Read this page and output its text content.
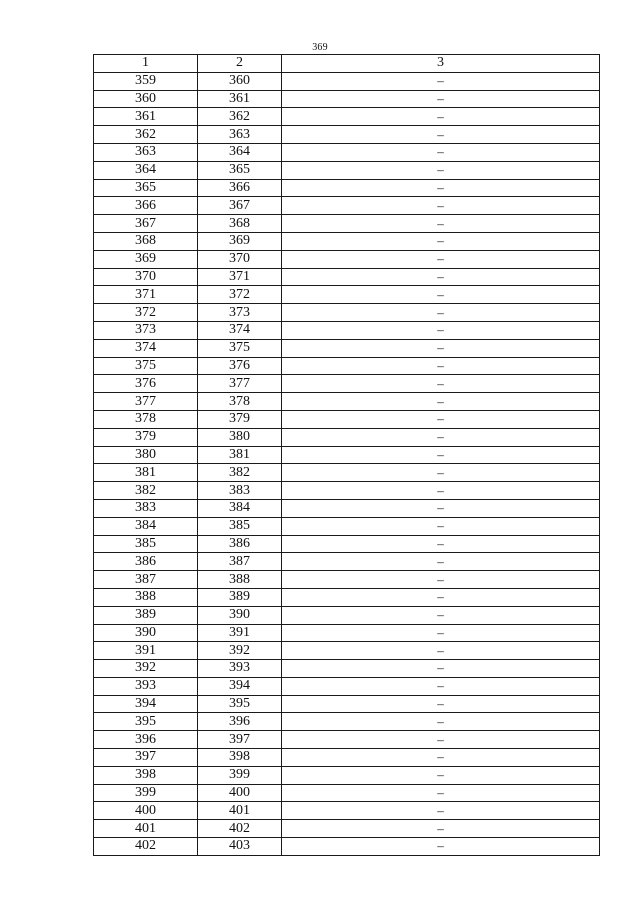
369
1	2	3
359	360	–
360	361	–
361	362	–
362	363	–
363	364	–
364	365	–
365	366	–
366	367	–
367	368	–
368	369	–
369	370	–
370	371	–
371	372	–
372	373	–
373	374	–
374	375	–
375	376	–
376	377	–
377	378	–
378	379	–
379	380	–
380	381	–
381	382	–
382	383	–
383	384	–
384	385	–
385	386	–
386	387	–
387	388	–
388	389	–
389	390	–
390	391	–
391	392	–
392	393	–
393	394	–
394	395	–
395	396	–
396	397	–
397	398	–
398	399	–
399	400	–
400	401	–
401	402	–
402	403	–
